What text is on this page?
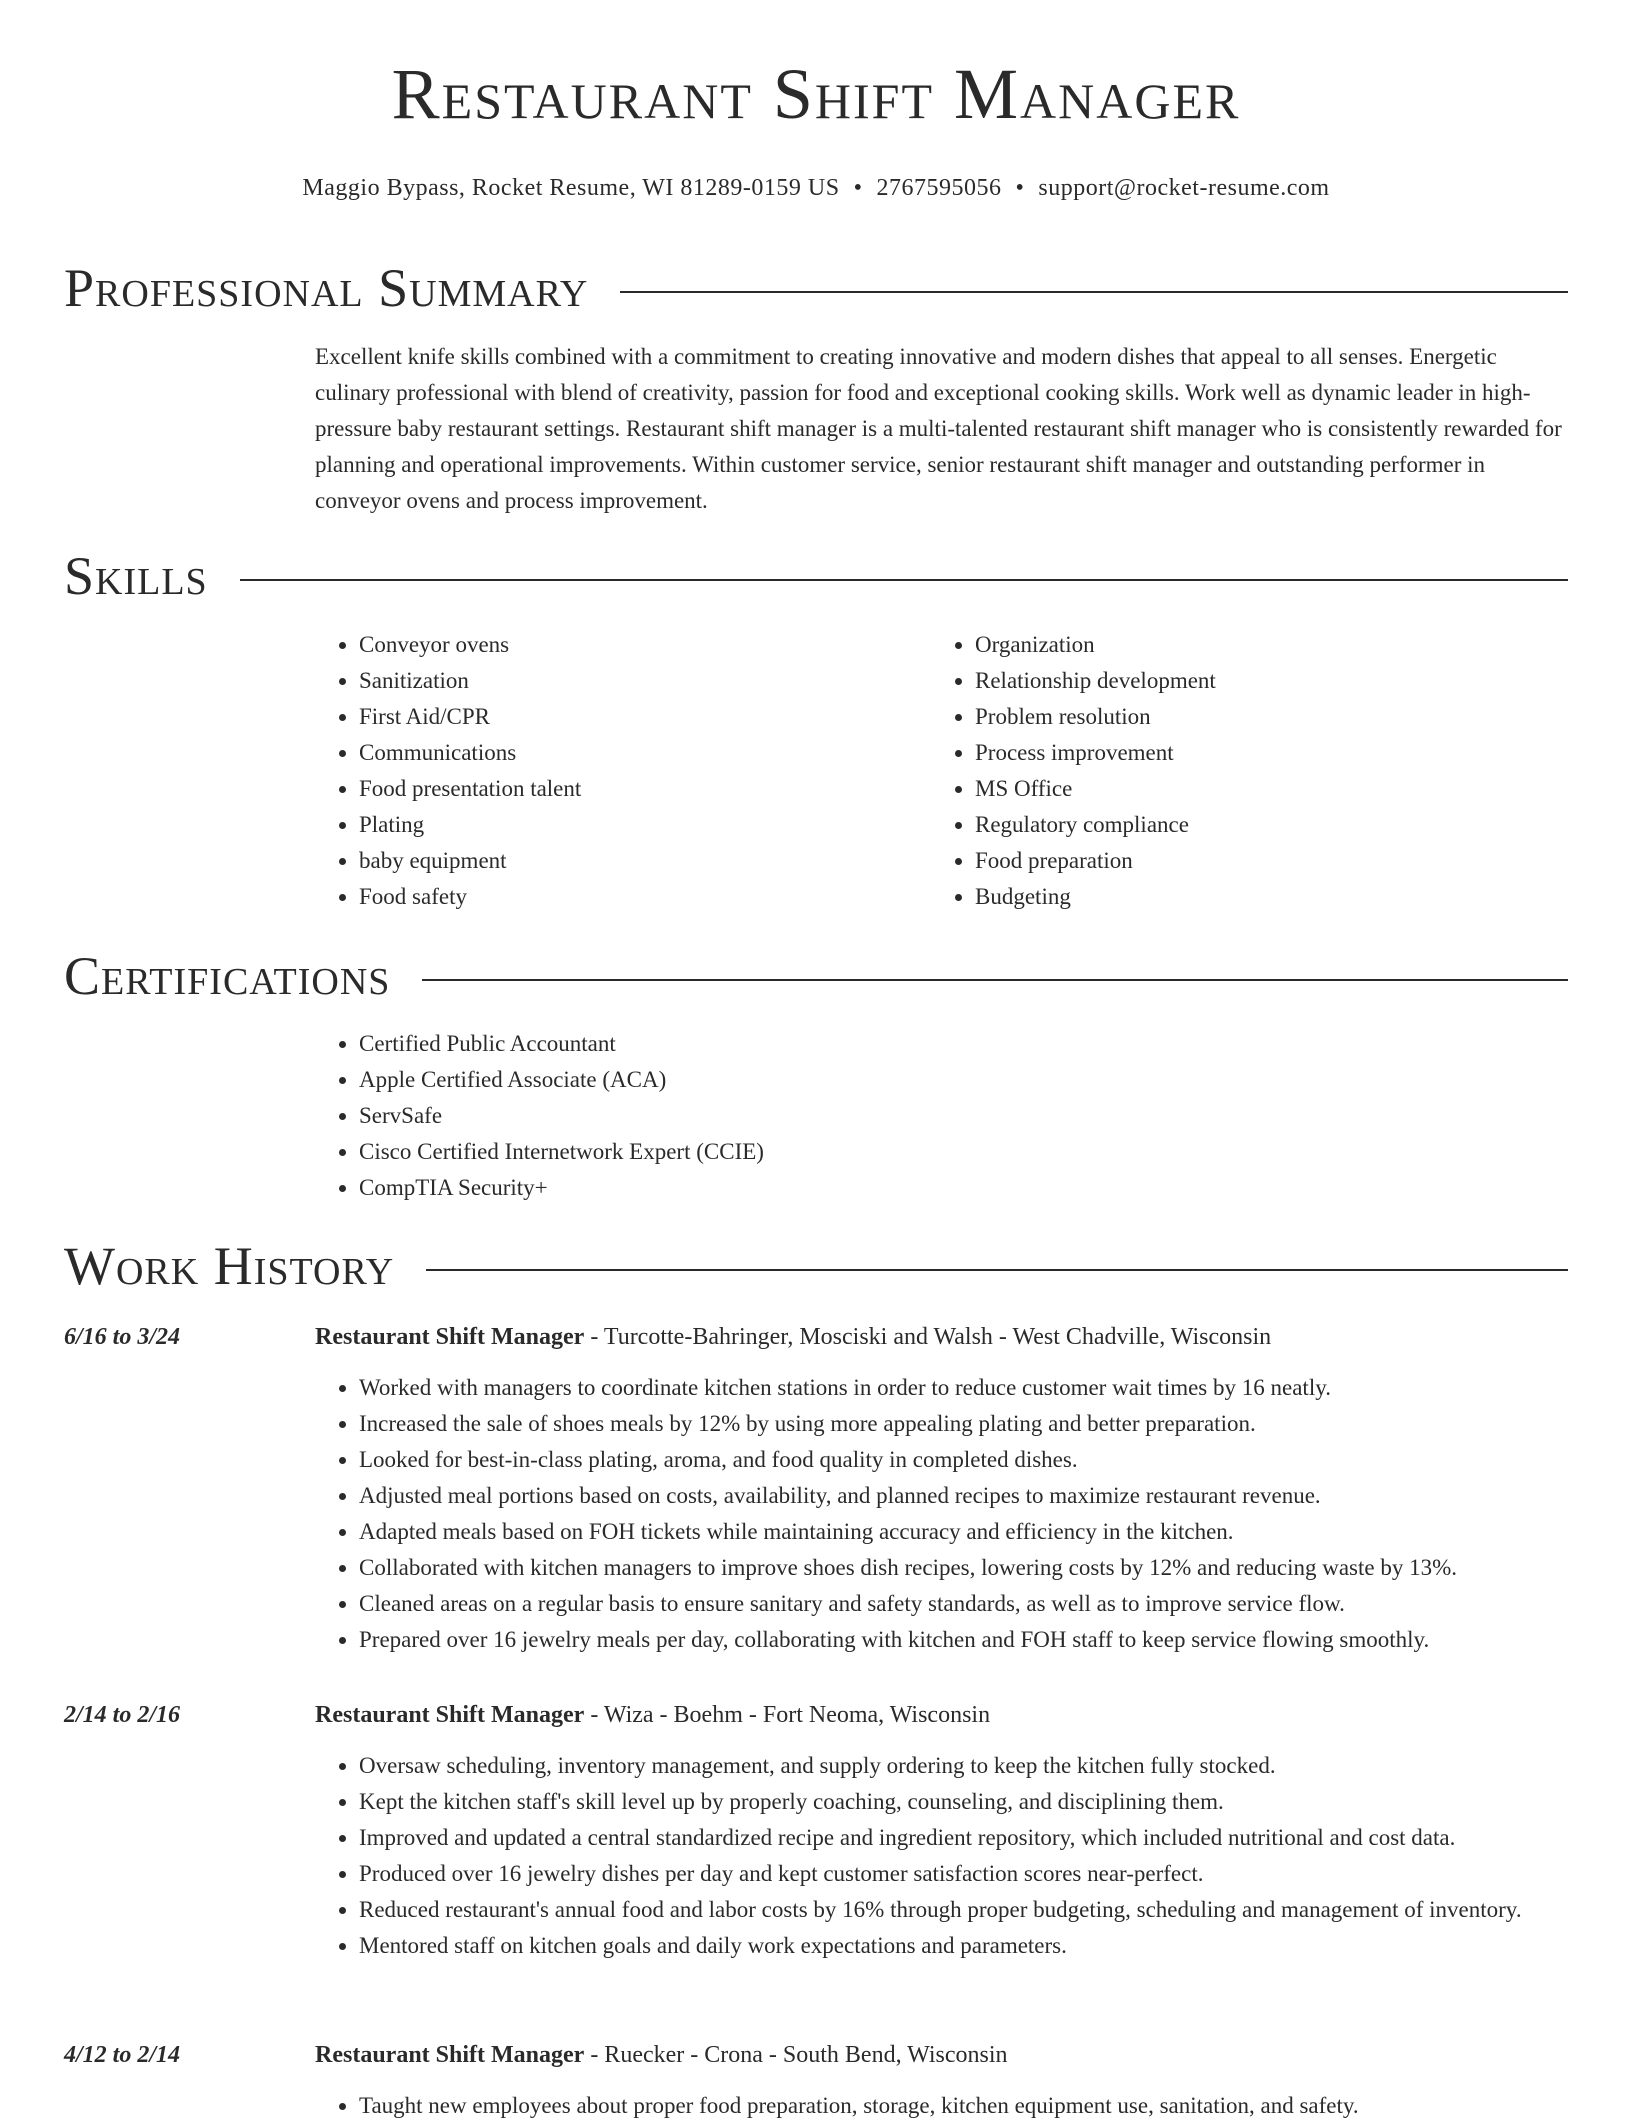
Restaurant Shift Manager
Maggio Bypass, Rocket Resume, WI 81289-0159 US • 2767595056 • support@rocket-resume.com
Professional Summary

Excellent knife skills combined with a commitment to creating innovative and modern dishes that appeal to all senses. Energetic culinary professional with blend of creativity, passion for food and exceptional cooking skills. Work well as dynamic leader in high-pressure baby restaurant settings. Restaurant shift manager is a multi-talented restaurant shift manager who is consistently rewarded for planning and operational improvements. Within customer service, senior restaurant shift manager and outstanding performer in conveyor ovens and process improvement.

Skills
• Conveyor ovens
• Sanitization
• First Aid/CPR
• Communications
• Food presentation talent
• Plating
• baby equipment
• Food safety
• Organization
• Relationship development
• Problem resolution
• Process improvement
• MS Office
• Regulatory compliance
• Food preparation
• Budgeting
Certifications
• Certified Public Accountant
• Apple Certified Associate (ACA)
• ServSafe
• Cisco Certified Internetwork Expert (CCIE)
• CompTIA Security+
Work History
6/16 to 3/24	Restaurant Shift Manager - Turcotte-Bahringer, Mosciski and Walsh - West Chadville, Wisconsin
• Worked with managers to coordinate kitchen stations in order to reduce customer wait times by 16 neatly.
• Increased the sale of shoes meals by 12% by using more appealing plating and better preparation.
• Looked for best-in-class plating, aroma, and food quality in completed dishes.
• Adjusted meal portions based on costs, availability, and planned recipes to maximize restaurant revenue.
• Adapted meals based on FOH tickets while maintaining accuracy and efficiency in the kitchen.
• Collaborated with kitchen managers to improve shoes dish recipes, lowering costs by 12% and reducing waste by 13%.
• Cleaned areas on a regular basis to ensure sanitary and safety standards, as well as to improve service flow.
• Prepared over 16 jewelry meals per day, collaborating with kitchen and FOH staff to keep service flowing smoothly.
2/14 to 2/16	Restaurant Shift Manager - Wiza - Boehm - Fort Neoma, Wisconsin
• Oversaw scheduling, inventory management, and supply ordering to keep the kitchen fully stocked.
• Kept the kitchen staff's skill level up by properly coaching, counseling, and disciplining them.
• Improved and updated a central standardized recipe and ingredient repository, which included nutritional and cost data.
• Produced over 16 jewelry dishes per day and kept customer satisfaction scores near-perfect.
• Reduced restaurant's annual food and labor costs by 16% through proper budgeting, scheduling and management of inventory.
• Mentored staff on kitchen goals and daily work expectations and parameters.
4/12 to 2/14	Restaurant Shift Manager - Ruecker - Crona - South Bend, Wisconsin
• Taught new employees about proper food preparation, storage, kitchen equipment use, sanitation, and safety.
